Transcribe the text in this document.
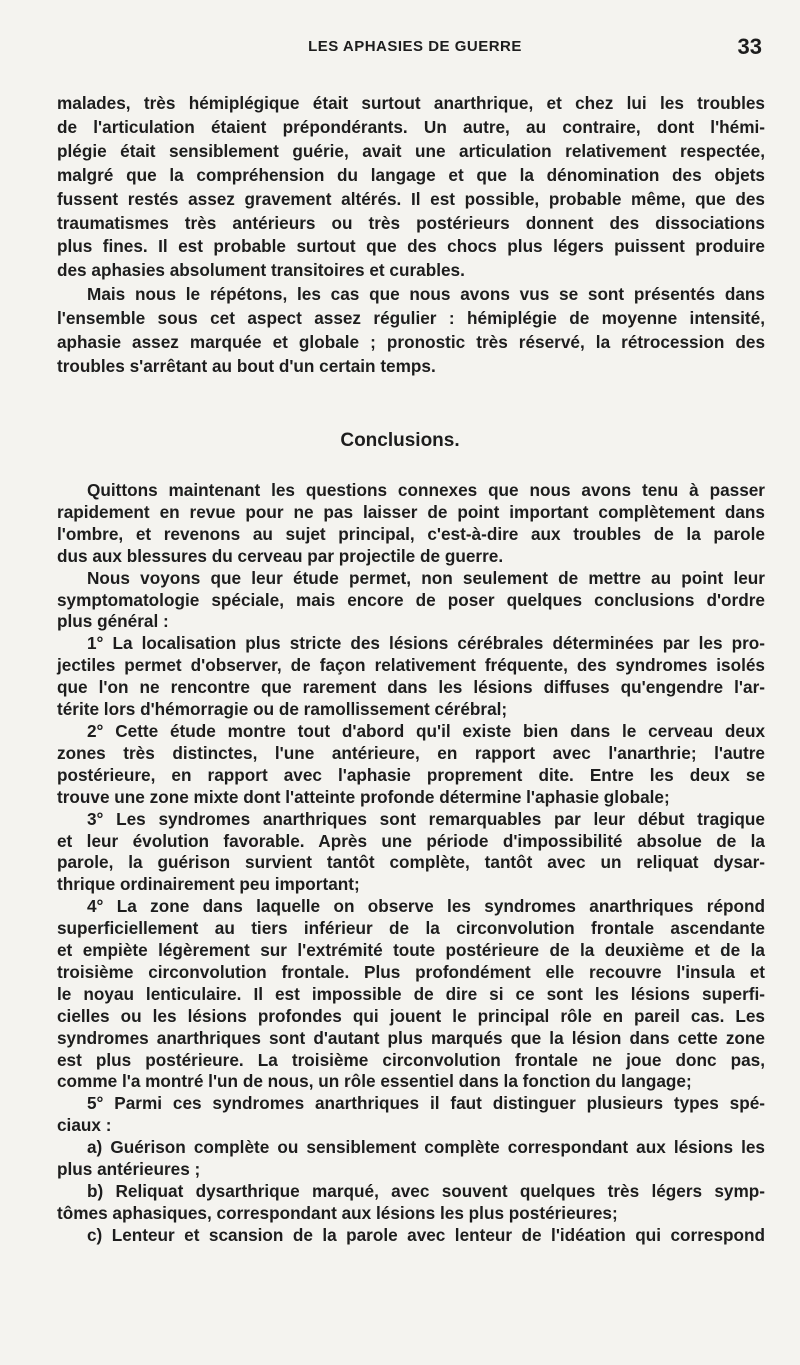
LES APHASIES DE GUERRE	33
malades, très hémiplégique était surtout anarthrique, et chez lui les troubles
de l'articulation étaient prépondérants. Un autre, au contraire, dont l'hémi-
plégie était sensiblement guérie, avait une articulation relativement respectée,
malgré que la compréhension du langage et que la dénomination des objets
fussent restés assez gravement altérés. Il est possible, probable même, que des
traumatismes très antérieurs ou très postérieurs donnent des dissociations
plus fines. Il est probable surtout que des chocs plus légers puissent produire
des aphasies absolument transitoires et curables.
Mais nous le répétons, les cas que nous avons vus se sont présentés dans
l'ensemble sous cet aspect assez régulier : hémiplégie de moyenne intensité,
aphasie assez marquée et globale ; pronostic très réservé, la rétrocession des
troubles s'arrêtant au bout d'un certain temps.
Conclusions.
Quittons maintenant les questions connexes que nous avons tenu à passer
rapidement en revue pour ne pas laisser de point important complètement dans
l'ombre, et revenons au sujet principal, c'est-à-dire aux troubles de la parole
dus aux blessures du cerveau par projectile de guerre.
Nous voyons que leur étude permet, non seulement de mettre au point leur
symptomatologie spéciale, mais encore de poser quelques conclusions d'ordre
plus général :
1° La localisation plus stricte des lésions cérébrales déterminées par les pro-
jectiles permet d'observer, de façon relativement fréquente, des syndromes isolés
que l'on ne rencontre que rarement dans les lésions diffuses qu'engendre l'ar-
térite lors d'hémorragie ou de ramollissement cérébral;
2° Cette étude montre tout d'abord qu'il existe bien dans le cerveau deux
zones très distinctes, l'une antérieure, en rapport avec l'anarthrie; l'autre
postérieure, en rapport avec l'aphasie proprement dite. Entre les deux se
trouve une zone mixte dont l'atteinte profonde détermine l'aphasie globale;
3° Les syndromes anarthriques sont remarquables par leur début tragique
et leur évolution favorable. Après une période d'impossibilité absolue de la
parole, la guérison survient tantôt complète, tantôt avec un reliquat dysar-
thrique ordinairement peu important;
4° La zone dans laquelle on observe les syndromes anarthriques répond
superficiellement au tiers inférieur de la circonvolution frontale ascendante
et empiète légèrement sur l'extrémité toute postérieure de la deuxième et de la
troisième circonvolution frontale. Plus profondément elle recouvre l'insula et
le noyau lenticulaire. Il est impossible de dire si ce sont les lésions superfi-
cielles ou les lésions profondes qui jouent le principal rôle en pareil cas. Les
syndromes anarthriques sont d'autant plus marqués que la lésion dans cette zone
est plus postérieure. La troisième circonvolution frontale ne joue donc pas,
comme l'a montré l'un de nous, un rôle essentiel dans la fonction du langage;
5° Parmi ces syndromes anarthriques il faut distinguer plusieurs types spé-
ciaux :
a) Guérison complète ou sensiblement complète correspondant aux lésions les
plus antérieures ;
b) Reliquat dysarthrique marqué, avec souvent quelques très légers symp-
tômes aphasiques, correspondant aux lésions les plus postérieures;
c) Lenteur et scansion de la parole avec lenteur de l'idéation qui correspond
